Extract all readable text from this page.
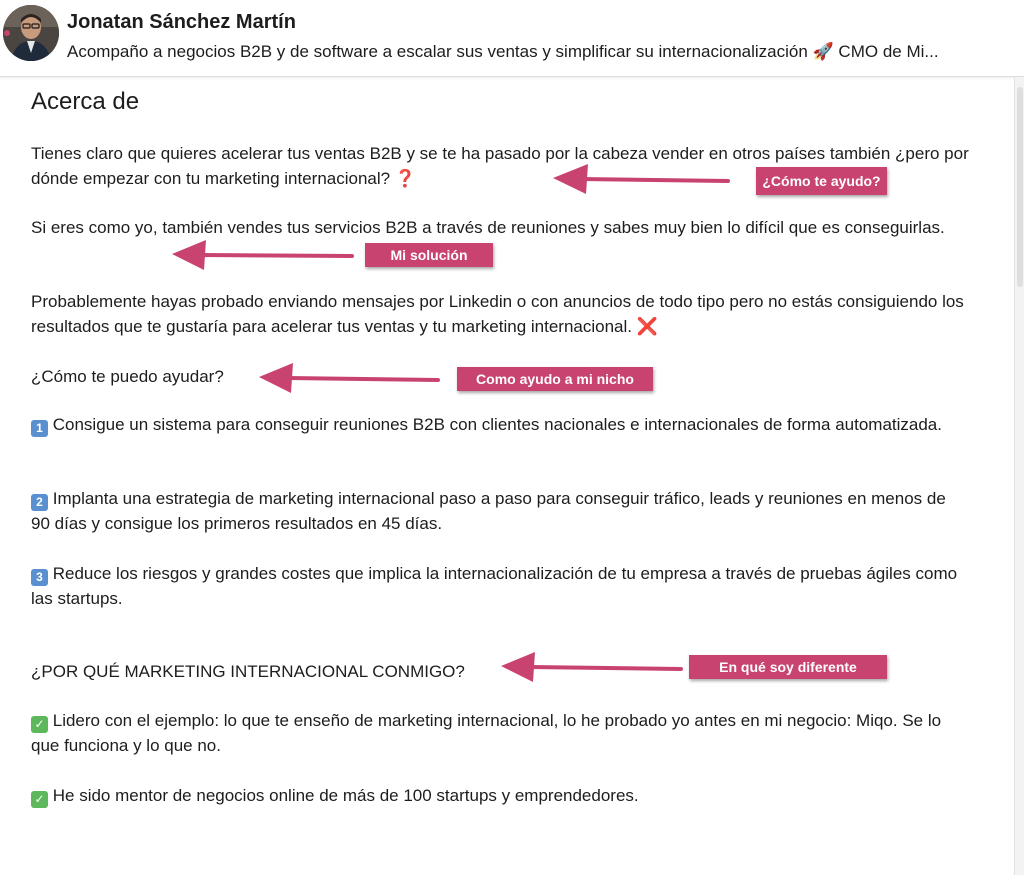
Jonatan Sánchez Martín
Acompaño a negocios B2B y de software a escalar sus ventas y simplificar su internacionalización 🚀 CMO de Mi...
Acerca de
Tienes claro que quieres acelerar tus ventas B2B y se te ha pasado por la cabeza vender en otros países también ¿pero por dónde empezar con tu marketing internacional? ❓
Si eres como yo, también vendes tus servicios B2B a través de reuniones y sabes muy bien lo difícil que es conseguirlas.
Probablemente hayas probado enviando mensajes por Linkedin o con anuncios de todo tipo pero no estás consiguiendo los resultados que te gustaría para acelerar tus ventas y tu marketing internacional. ❌
¿Cómo te puedo ayudar?
1 Consigue un sistema para conseguir reuniones B2B con clientes nacionales e internacionales de forma automatizada.
2 Implanta una estrategia de marketing internacional paso a paso para conseguir tráfico, leads y reuniones en menos de 90 días y consigue los primeros resultados en 45 días.
3 Reduce los riesgos y grandes costes que implica la internacionalización de tu empresa a través de pruebas ágiles como las startups.
¿POR QUÉ MARKETING INTERNACIONAL CONMIGO?
✓ Lidero con el ejemplo: lo que te enseño de marketing internacional, lo he probado yo antes en mi negocio: Miqo. Se lo que funciona y lo que no.
✓ He sido mentor de negocios online de más de 100 startups y emprendedores.
¿Cómo te ayudo?
Mi solución
Como ayudo a mi nicho
En qué soy diferente
